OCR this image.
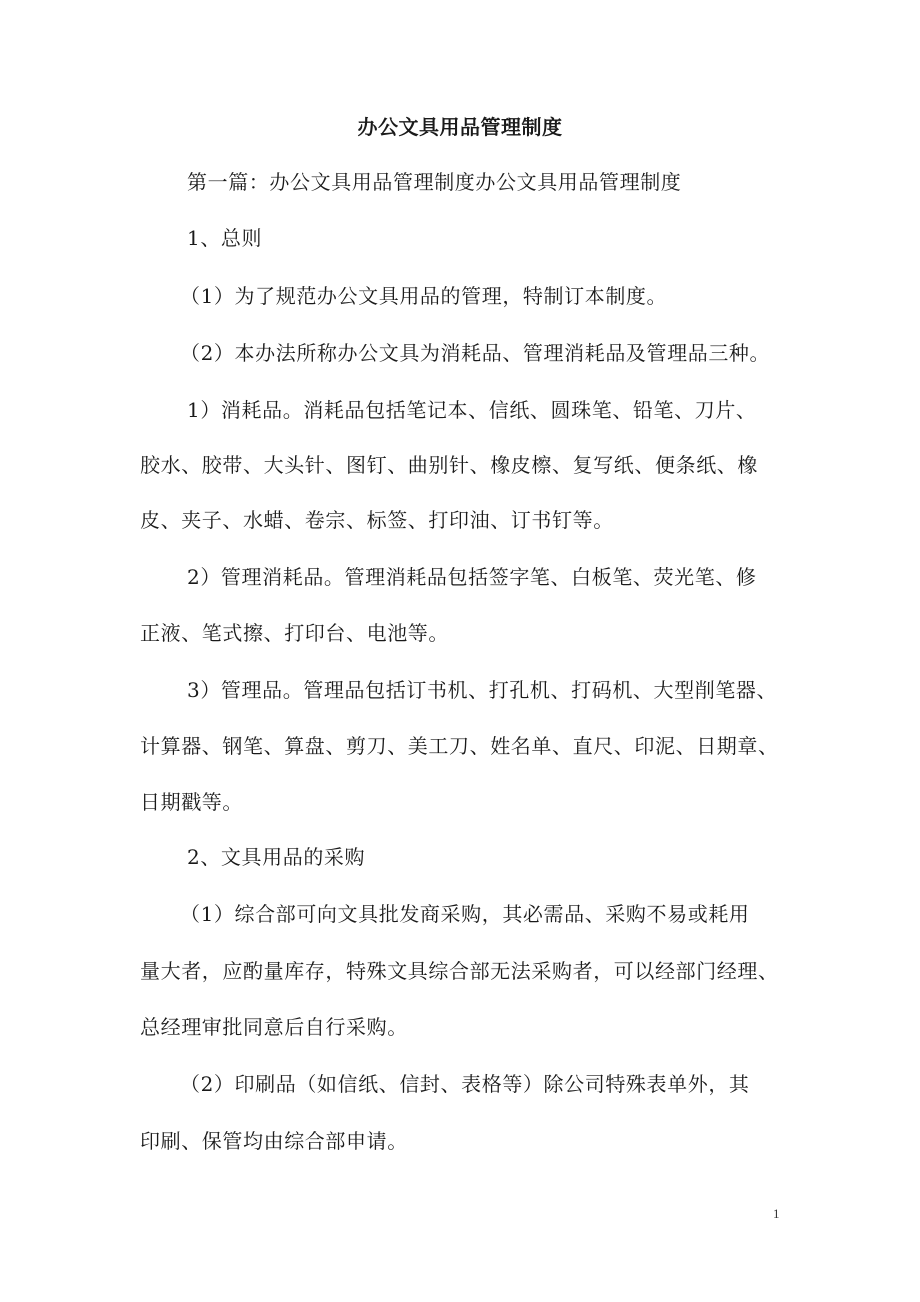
办公文具用品管理制度
第一篇：办公文具用品管理制度办公文具用品管理制度
1、总则
（1）为了规范办公文具用品的管理，特制订本制度。
（2）本办法所称办公文具为消耗品、管理消耗品及管理品三种。
1）消耗品。消耗品包括笔记本、信纸、圆珠笔、铅笔、刀片、
胶水、胶带、大头针、图钉、曲别针、橡皮檫、复写纸、便条纸、橡
皮、夹子、水蜡、卷宗、标签、打印油、订书钉等。
2）管理消耗品。管理消耗品包括签字笔、白板笔、荧光笔、修
正液、笔式擦、打印台、电池等。
3）管理品。管理品包括订书机、打孔机、打码机、大型削笔器、
计算器、钢笔、算盘、剪刀、美工刀、姓名单、直尺、印泥、日期章、
日期戳等。
2、文具用品的采购
（1）综合部可向文具批发商采购，其必需品、采购不易或耗用
量大者，应酌量库存，特殊文具综合部无法采购者，可以经部门经理、
总经理审批同意后自行采购。
（2）印刷品（如信纸、信封、表格等）除公司特殊表单外，其
印刷、保管均由综合部申请。
1
